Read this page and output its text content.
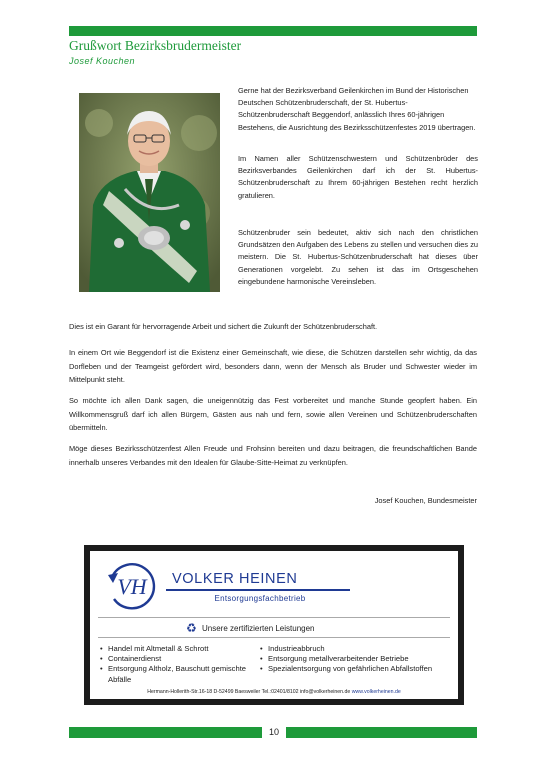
Grußwort Bezirksbrudermeister
Josef Kouchen
Gerne hat der Bezirksverband Geilenkirchen im Bund der Historischen Deutschen Schützenbruderschaft, der St. Hubertus-Schützenbruderschaft Beggendorf, anlässlich Ihres 60-jährigen Bestehens, die Ausrichtung des Bezirksschützenfestes 2019 übertragen.
Im Namen aller Schützenschwestern und Schützenbrüder des Bezirksverbandes Geilenkirchen darf ich der St. Hubertus-Schützenbruderschaft zu Ihrem 60-jährigen Bestehen recht herzlich gratulieren.
Schützenbruder sein bedeutet, aktiv sich nach den christlichen Grundsätzen den Aufgaben des Lebens zu stellen und versuchen dies zu meistern. Die St. Hubertus-Schützenbruderschaft hat dieses über Generationen vorgelebt. Zu sehen ist das im Ortsgeschehen eingebundene harmonische Vereinsleben.
Dies ist ein Garant für hervorragende Arbeit und sichert die Zukunft der Schützenbruderschaft.
In einem Ort wie Beggendorf ist die Existenz einer Gemeinschaft, wie diese, die Schützen darstellen sehr wichtig, da das Dorfleben und der Teamgeist gefördert wird, besonders dann, wenn der Mensch als Bruder und Schwester wieder im Mittelpunkt steht.
So möchte ich allen Dank sagen, die uneigennützig das Fest vorbereitet und manche Stunde geopfert haben. Ein Willkommensgruß darf ich allen Bürgern, Gästen aus nah und fern, sowie allen Vereinen und Schützenbruderschaften übermitteln.
Möge dieses Bezirksschützenfest Allen Freude und Frohsinn bereiten und dazu beitragen, die freundschaftlichen Bande innerhalb unseres Verbandes mit den Idealen für Glaube-Sitte-Heimat zu verknüpfen.
Josef Kouchen, Bundesmeister
VH VOLKER HEINEN
Entsorgungsfachbetrieb
♻ Unsere zertifizierten Leistungen
• Handel mit Altmetall & Schrott
• Containerdienst
• Entsorgung Altholz, Bauschutt gemischte Abfälle
• Industrieabbruch
• Entsorgung metallverarbeitender Betriebe
• Spezialentsorgung von gefährlichen Abfallstoffen
Hermann-Hollerith-Str.16-18 D-52499 Baesweiler Tel.:02401/8102 info@volkerheinen.de www.volkerheinen.de
10
